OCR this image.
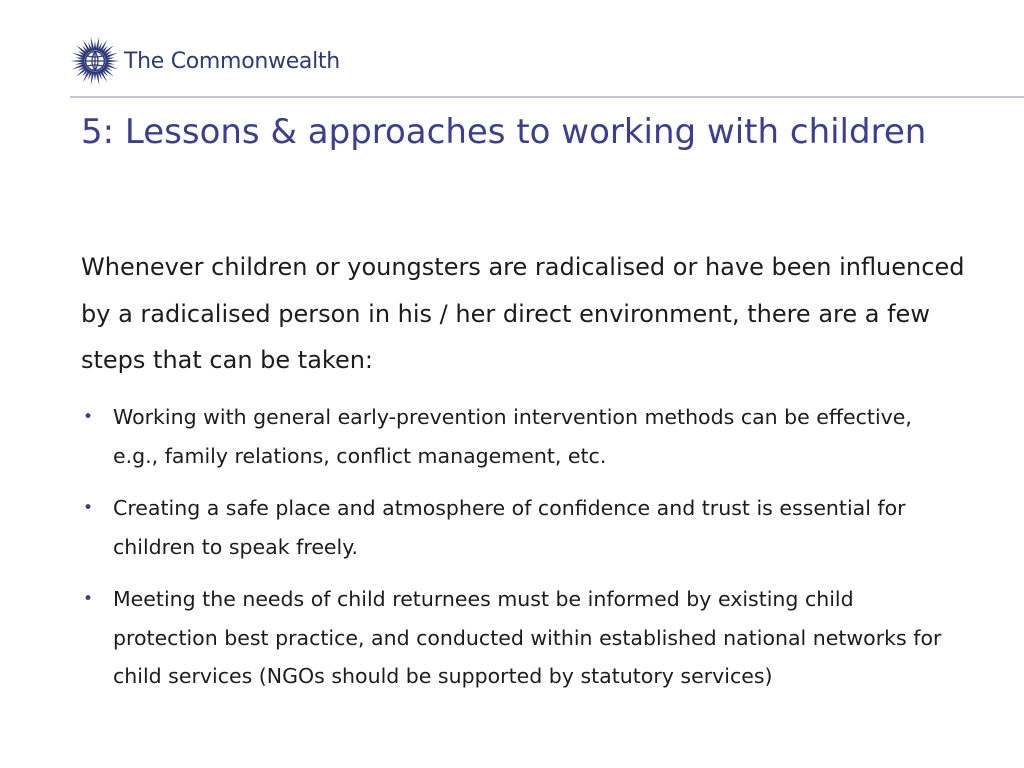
The Commonwealth
5: Lessons & approaches to working with children

Whenever children or youngsters are radicalised or have been influenced by a radicalised person in his / her direct environment, there are a few steps that can be taken:

• Working with general early-prevention intervention methods can be effective, e.g., family relations, conflict management, etc.
• Creating a safe place and atmosphere of confidence and trust is essential for children to speak freely.
• Meeting the needs of child returnees must be informed by existing child protection best practice, and conducted within established national networks for child services (NGOs should be supported by statutory services)
